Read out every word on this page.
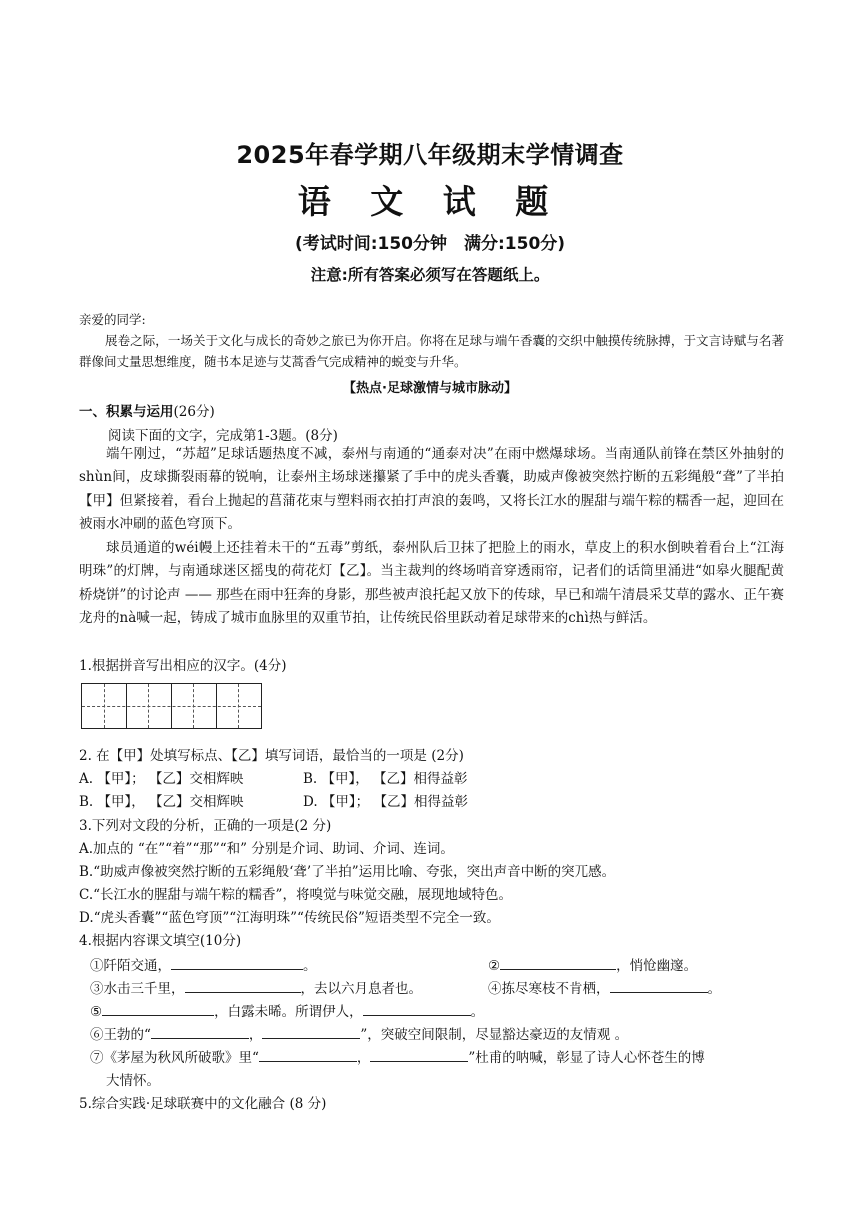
2025年春学期八年级期末学情调查
语 文 试 题
(考试时间:150分钟　满分:150分)
注意:所有答案必须写在答题纸上。
亲爱的同学:

展卷之际，一场关于文化与成长的奇妙之旅已为你开启。你将在足球与端午香囊的交织中触摸传统脉搏，于文言诗赋与名著群像间丈量思想维度，随书本足迹与艾蒿香气完成精神的蜕变与升华。

【热点·足球激情与城市脉动】
一、积累与运用(26分)
阅读下面的文字，完成第1-3题。(8分)

端午刚过，“苏超”足球话题热度不减，泰州与南通的“通泰对决”在雨中燃爆球场。当南通队前锋在禁区外抽射的shùn间，皮球撕裂雨幕的锐响，让泰州主场球迷攥紧了手中的虎头香囊，助威声像被突然拧断的五彩绳般“聋”了半拍【甲】但紧接着，看台上抛起的菖蒲花束与塑料雨衣拍打声浪的轰鸣，又将长江水的腥甜与端午粽的糯香一起，迎回在被雨水冲刷的蓝色穹顶下。

球员通道的wéi幔上还挂着未干的“五毒”剪纸，泰州队后卫抹了把脸上的雨水，草皮上的积水倒映着看台上“江海明珠”的灯牌，与南通球迷区摇曳的荷花灯【乙】。当主裁判的终场哨音穿透雨帘，记者们的话筒里涌进“如皋火腿配黄桥烧饼”的讨论声 —— 那些在雨中狂奔的身影，那些被声浪托起又放下的传球，早已和端午清晨采艾草的露水、正午赛龙舟的nà喊一起，铸成了城市血脉里的双重节拍，让传统民俗里跃动着足球带来的chì热与鲜活。

1.根据拼音写出相应的汉字。(4分)
2. 在【甲】处填写标点、【乙】填写词语，最恰当的一项是 (2分)
A. 【甲】； 【乙】交相辉映	B. 【甲】， 【乙】相得益彰
B. 【甲】， 【乙】交相辉映	D. 【甲】； 【乙】相得益彰
3.下列对文段的分析，正确的一项是(2 分)
A.加点的 “在”“着”“那”“和” 分别是介词、助词、介词、连词。
B.“助威声像被突然拧断的五彩绳般‘聋’了半拍”运用比喻、夸张，突出声音中断的突兀感。
C.“长江水的腥甜与端午粽的糯香”，将嗅觉与味觉交融，展现地域特色。
D.“虎头香囊”“蓝色穹顶”“江海明珠”“传统民俗”短语类型不完全一致。
4.根据内容课文填空(10分)
①阡陌交通，	。	②	，悄怆幽邃。
③水击三千里，	，去以六月息者也。	④拣尽寒枝不肯栖，	。
⑤	，白露未晞。所谓伊人，	。
⑥王勃的“	，	”，突破空间限制，尽显豁达豪迈的友情观 。
⑦《茅屋为秋风所破歌》里“	，	”杜甫的呐喊，彰显了诗人心怀苍生的博
大情怀。
5.综合实践·足球联赛中的文化融合 (8 分)
